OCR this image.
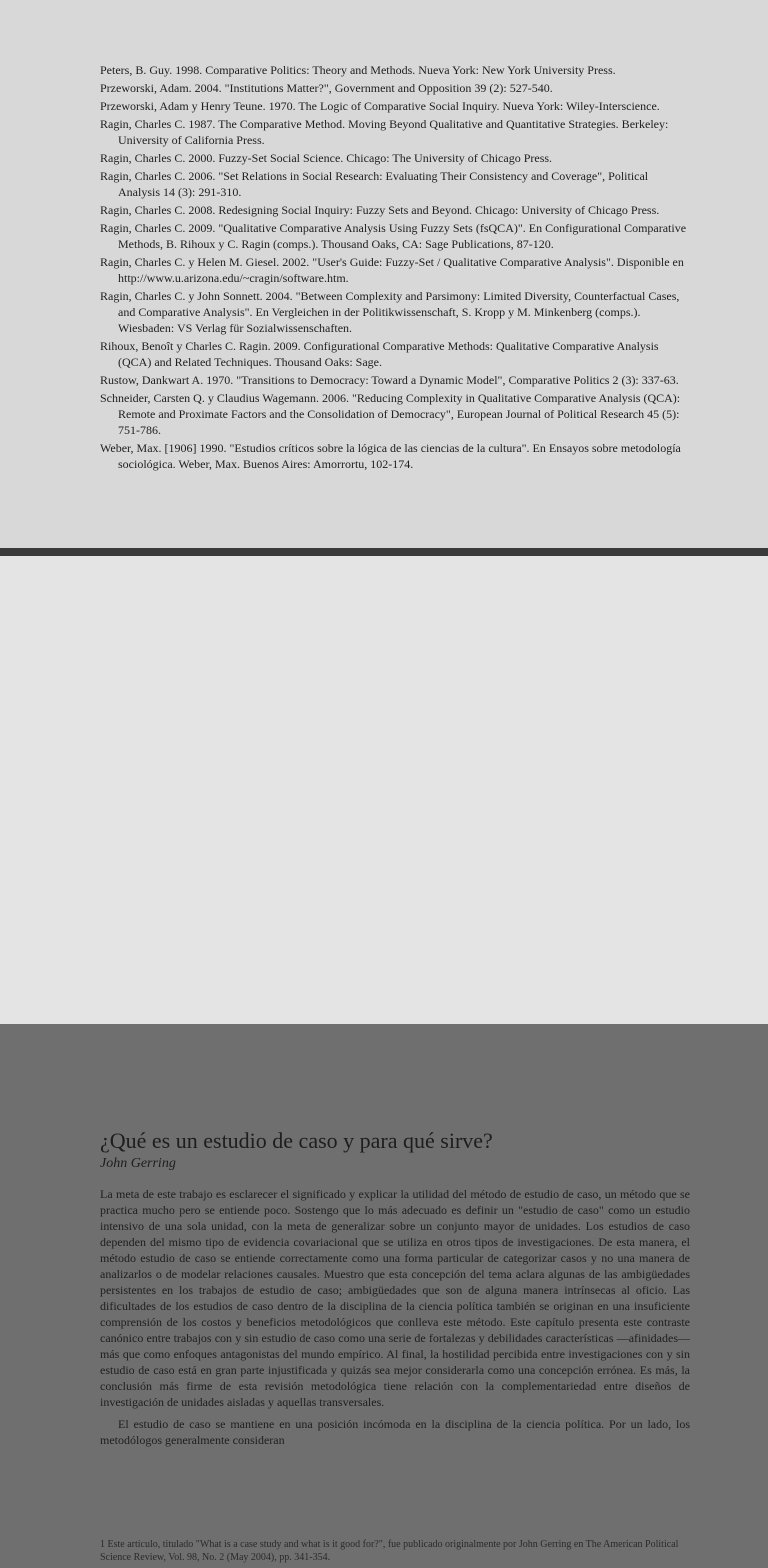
Peters, B. Guy. 1998. Comparative Politics: Theory and Methods. Nueva York: New York University Press.
Przeworski, Adam. 2004. "Institutions Matter?", Government and Opposition 39 (2): 527-540.
Przeworski, Adam y Henry Teune. 1970. The Logic of Comparative Social Inquiry. Nueva York: Wiley-Interscience.
Ragin, Charles C. 1987. The Comparative Method. Moving Beyond Qualitative and Quantitative Strategies. Berkeley: University of California Press.
Ragin, Charles C. 2000. Fuzzy-Set Social Science. Chicago: The University of Chicago Press.
Ragin, Charles C. 2006. "Set Relations in Social Research: Evaluating Their Consistency and Coverage", Political Analysis 14 (3): 291-310.
Ragin, Charles C. 2008. Redesigning Social Inquiry: Fuzzy Sets and Beyond. Chicago: University of Chicago Press.
Ragin, Charles C. 2009. "Qualitative Comparative Analysis Using Fuzzy Sets (fsQCA)". En Configurational Comparative Methods, B. Rihoux y C. Ragin (comps.). Thousand Oaks, CA: Sage Publications, 87-120.
Ragin, Charles C. y Helen M. Giesel. 2002. "User's Guide: Fuzzy-Set / Qualitative Comparative Analysis". Disponible en http://www.u.arizona.edu/~cragin/software.htm.
Ragin, Charles C. y John Sonnett. 2004. "Between Complexity and Parsimony: Limited Diversity, Counterfactual Cases, and Comparative Analysis". En Vergleichen in der Politikwissenschaft, S. Kropp y M. Minkenberg (comps.). Wiesbaden: VS Verlag für Sozialwissenschaften.
Rihoux, Benoît y Charles C. Ragin. 2009. Configurational Comparative Methods: Qualitative Comparative Analysis (QCA) and Related Techniques. Thousand Oaks: Sage.
Rustow, Dankwart A. 1970. "Transitions to Democracy: Toward a Dynamic Model", Comparative Politics 2 (3): 337-63.
Schneider, Carsten Q. y Claudius Wagemann. 2006. "Reducing Complexity in Qualitative Comparative Analysis (QCA): Remote and Proximate Factors and the Consolidation of Democracy", European Journal of Political Research 45 (5): 751-786.
Weber, Max. [1906] 1990. "Estudios críticos sobre la lógica de las ciencias de la cultura". En Ensayos sobre metodología sociológica. Weber, Max. Buenos Aires: Amorrortu, 102-174.
¿Qué es un estudio de caso y para qué sirve?
John Gerring

La meta de este trabajo es esclarecer el significado y explicar la utilidad del método de estudio de caso, un método que se practica mucho pero se entiende poco. Sostengo que lo más adecuado es definir un "estudio de caso" como un estudio intensivo de una sola unidad, con la meta de generalizar sobre un conjunto mayor de unidades. Los estudios de caso dependen del mismo tipo de evidencia covariacional que se utiliza en otros tipos de investigaciones. De esta manera, el método estudio de caso se entiende correctamente como una forma particular de categorizar casos y no una manera de analizarlos o de modelar relaciones causales. Muestro que esta concepción del tema aclara algunas de las ambigüedades persistentes en los trabajos de estudio de caso; ambigüedades que son de alguna manera intrínsecas al oficio. Las dificultades de los estudios de caso dentro de la disciplina de la ciencia política también se originan en una insuficiente comprensión de los costos y beneficios metodológicos que conlleva este método. Este capítulo presenta este contraste canónico entre trabajos con y sin estudio de caso como una serie de fortalezas y debilidades características —afinidades— más que como enfoques antagonistas del mundo empírico. Al final, la hostilidad percibida entre investigaciones con y sin estudio de caso está en gran parte injustificada y quizás sea mejor considerarla como una concepción errónea. Es más, la conclusión más firme de esta revisión metodológica tiene relación con la complementariedad entre diseños de investigación de unidades aisladas y aquellas transversales.

El estudio de caso se mantiene en una posición incómoda en la disciplina de la ciencia política. Por un lado, los metodólogos generalmente consideran

1 Este artículo, titulado "What is a case study and what is it good for?", fue publicado originalmente por John Gerring en The American Political Science Review, Vol. 98, No. 2 (May 2004), pp. 341-354.
